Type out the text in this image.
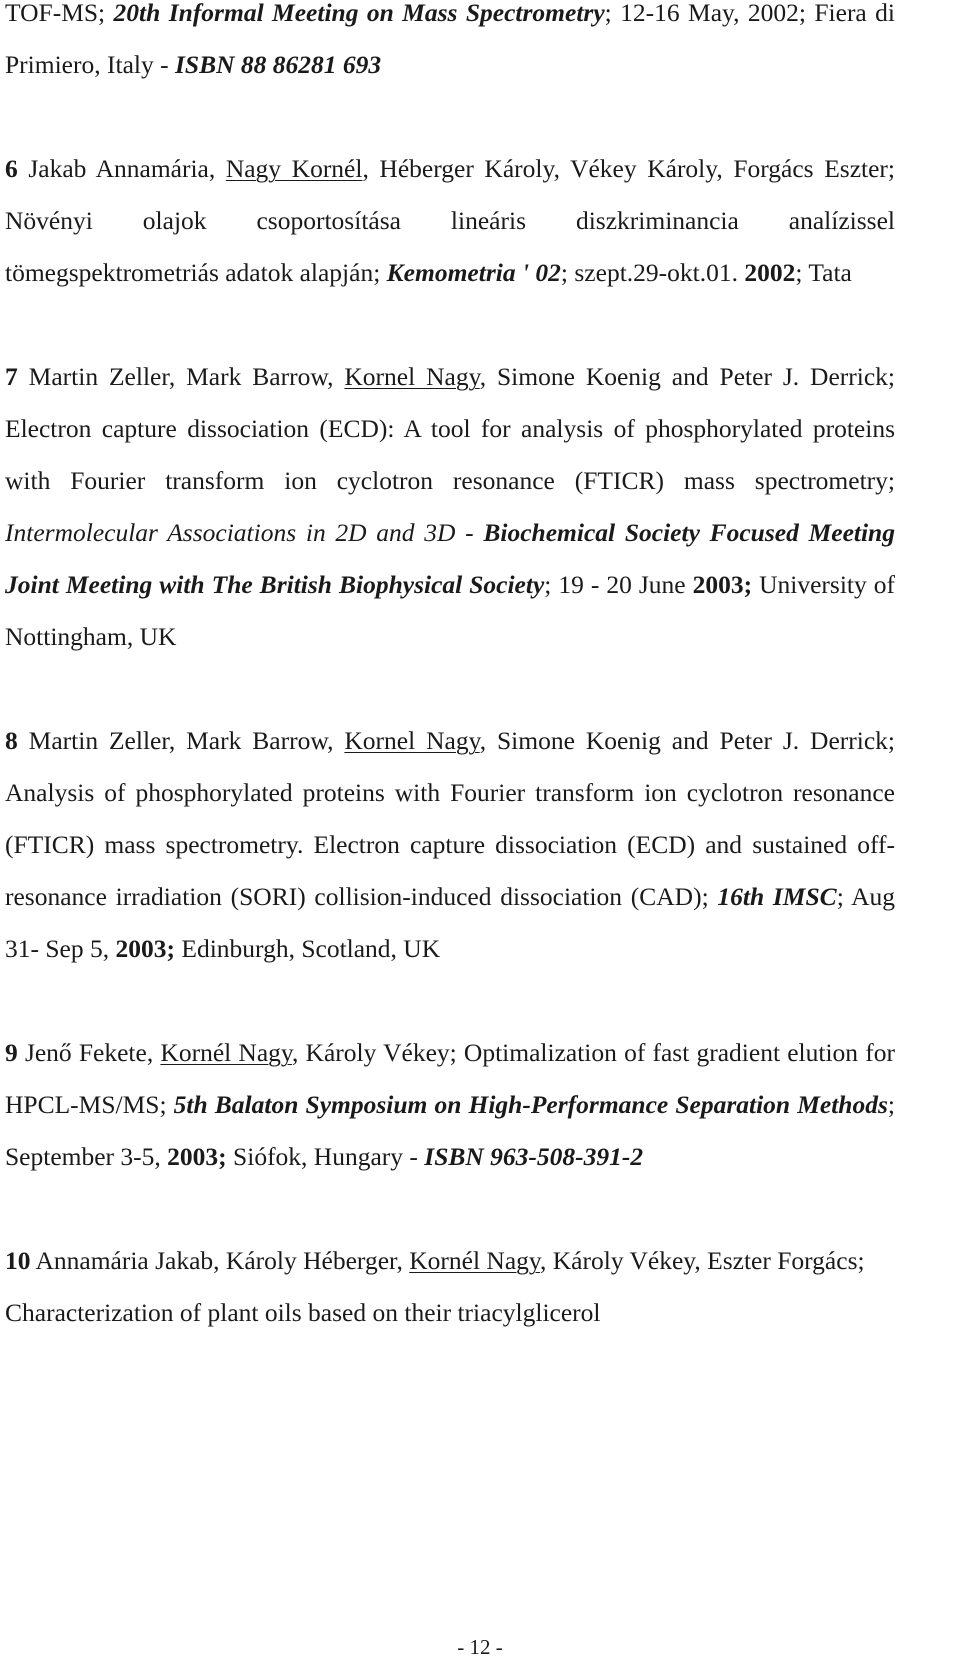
TOF-MS; 20th Informal Meeting on Mass Spectrometry; 12-16 May, 2002; Fiera di Primiero, Italy - ISBN 88 86281 693

6 Jakab Annamária, Nagy Kornél, Héberger Károly, Vékey Károly, Forgács Eszter; Növényi olajok csoportosítása lineáris diszkriminancia analízissel tömegspektrometriás adatok alapján; Kemometria ' 02; szept.29-okt.01. 2002; Tata

7 Martin Zeller, Mark Barrow, Kornel Nagy, Simone Koenig and Peter J. Derrick; Electron capture dissociation (ECD): A tool for analysis of phosphorylated proteins with Fourier transform ion cyclotron resonance (FTICR) mass spectrometry; Intermolecular Associations in 2D and 3D - Biochemical Society Focused Meeting Joint Meeting with The British Biophysical Society; 19 - 20 June 2003; University of Nottingham, UK

8 Martin Zeller, Mark Barrow, Kornel Nagy, Simone Koenig and Peter J. Derrick; Analysis of phosphorylated proteins with Fourier transform ion cyclotron resonance (FTICR) mass spectrometry. Electron capture dissociation (ECD) and sustained off-resonance irradiation (SORI) collision-induced dissociation (CAD); 16th IMSC; Aug 31- Sep 5, 2003; Edinburgh, Scotland, UK

9 Jenő Fekete, Kornél Nagy, Károly Vékey; Optimalization of fast gradient elution for HPCL-MS/MS; 5th Balaton Symposium on High-Performance Separation Methods; September 3-5, 2003; Siófok, Hungary - ISBN 963-508-391-2

10 Annamária Jakab, Károly Héberger, Kornél Nagy, Károly Vékey, Eszter Forgács; Characterization of plant oils based on their triacylglicerol

- 12 -
